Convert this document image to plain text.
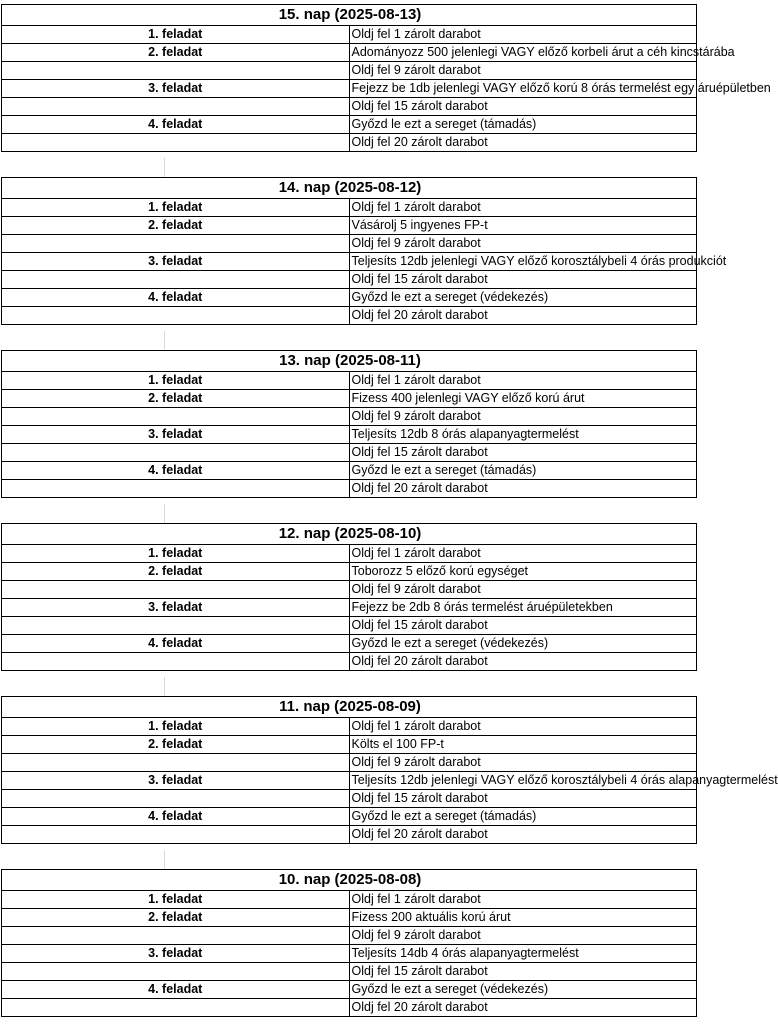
15. nap (2025-08-13)	
1. feladat	Oldj fel 1 zárolt darabot
2. feladat	Adományozz 500 jelenlegi VAGY előző korbeli árut a céh kincstárába
	Oldj fel 9 zárolt darabot
3. feladat	Fejezz be 1db jelenlegi VAGY előző korú 8 órás termelést egy áruépületben
	Oldj fel 15 zárolt darabot
4. feladat	Győzd le ezt a sereget (támadás)
	Oldj fel 20 zárolt darabot
14. nap (2025-08-12)	
1. feladat	Oldj fel 1 zárolt darabot
2. feladat	Vásárolj 5 ingyenes FP-t
	Oldj fel 9 zárolt darabot
3. feladat	Teljesíts 12db jelenlegi VAGY előző korosztálybeli 4 órás produkciót
	Oldj fel 15 zárolt darabot
4. feladat	Győzd le ezt a sereget (védekezés)
	Oldj fel 20 zárolt darabot
13. nap (2025-08-11)	
1. feladat	Oldj fel 1 zárolt darabot
2. feladat	Fizess 400 jelenlegi VAGY előző korú árut
	Oldj fel 9 zárolt darabot
3. feladat	Teljesíts 12db 8 órás alapanyagtermelést
	Oldj fel 15 zárolt darabot
4. feladat	Győzd le ezt a sereget (támadás)
	Oldj fel 20 zárolt darabot
12. nap (2025-08-10)	
1. feladat	Oldj fel 1 zárolt darabot
2. feladat	Toborozz 5 előző korú egységet
	Oldj fel 9 zárolt darabot
3. feladat	Fejezz be 2db 8 órás termelést áruépületekben
	Oldj fel 15 zárolt darabot
4. feladat	Győzd le ezt a sereget (védekezés)
	Oldj fel 20 zárolt darabot
11. nap (2025-08-09)	
1. feladat	Oldj fel 1 zárolt darabot
2. feladat	Költs el 100 FP-t
	Oldj fel 9 zárolt darabot
3. feladat	Teljesíts 12db jelenlegi VAGY előző korosztálybeli 4 órás alapanyagtermelést
	Oldj fel 15 zárolt darabot
4. feladat	Győzd le ezt a sereget (támadás)
	Oldj fel 20 zárolt darabot
10. nap (2025-08-08)	
1. feladat	Oldj fel 1 zárolt darabot
2. feladat	Fizess 200 aktuális korú árut
	Oldj fel 9 zárolt darabot
3. feladat	Teljesíts 14db 4 órás alapanyagtermelést
	Oldj fel 15 zárolt darabot
4. feladat	Győzd le ezt a sereget (védekezés)
	Oldj fel 20 zárolt darabot
